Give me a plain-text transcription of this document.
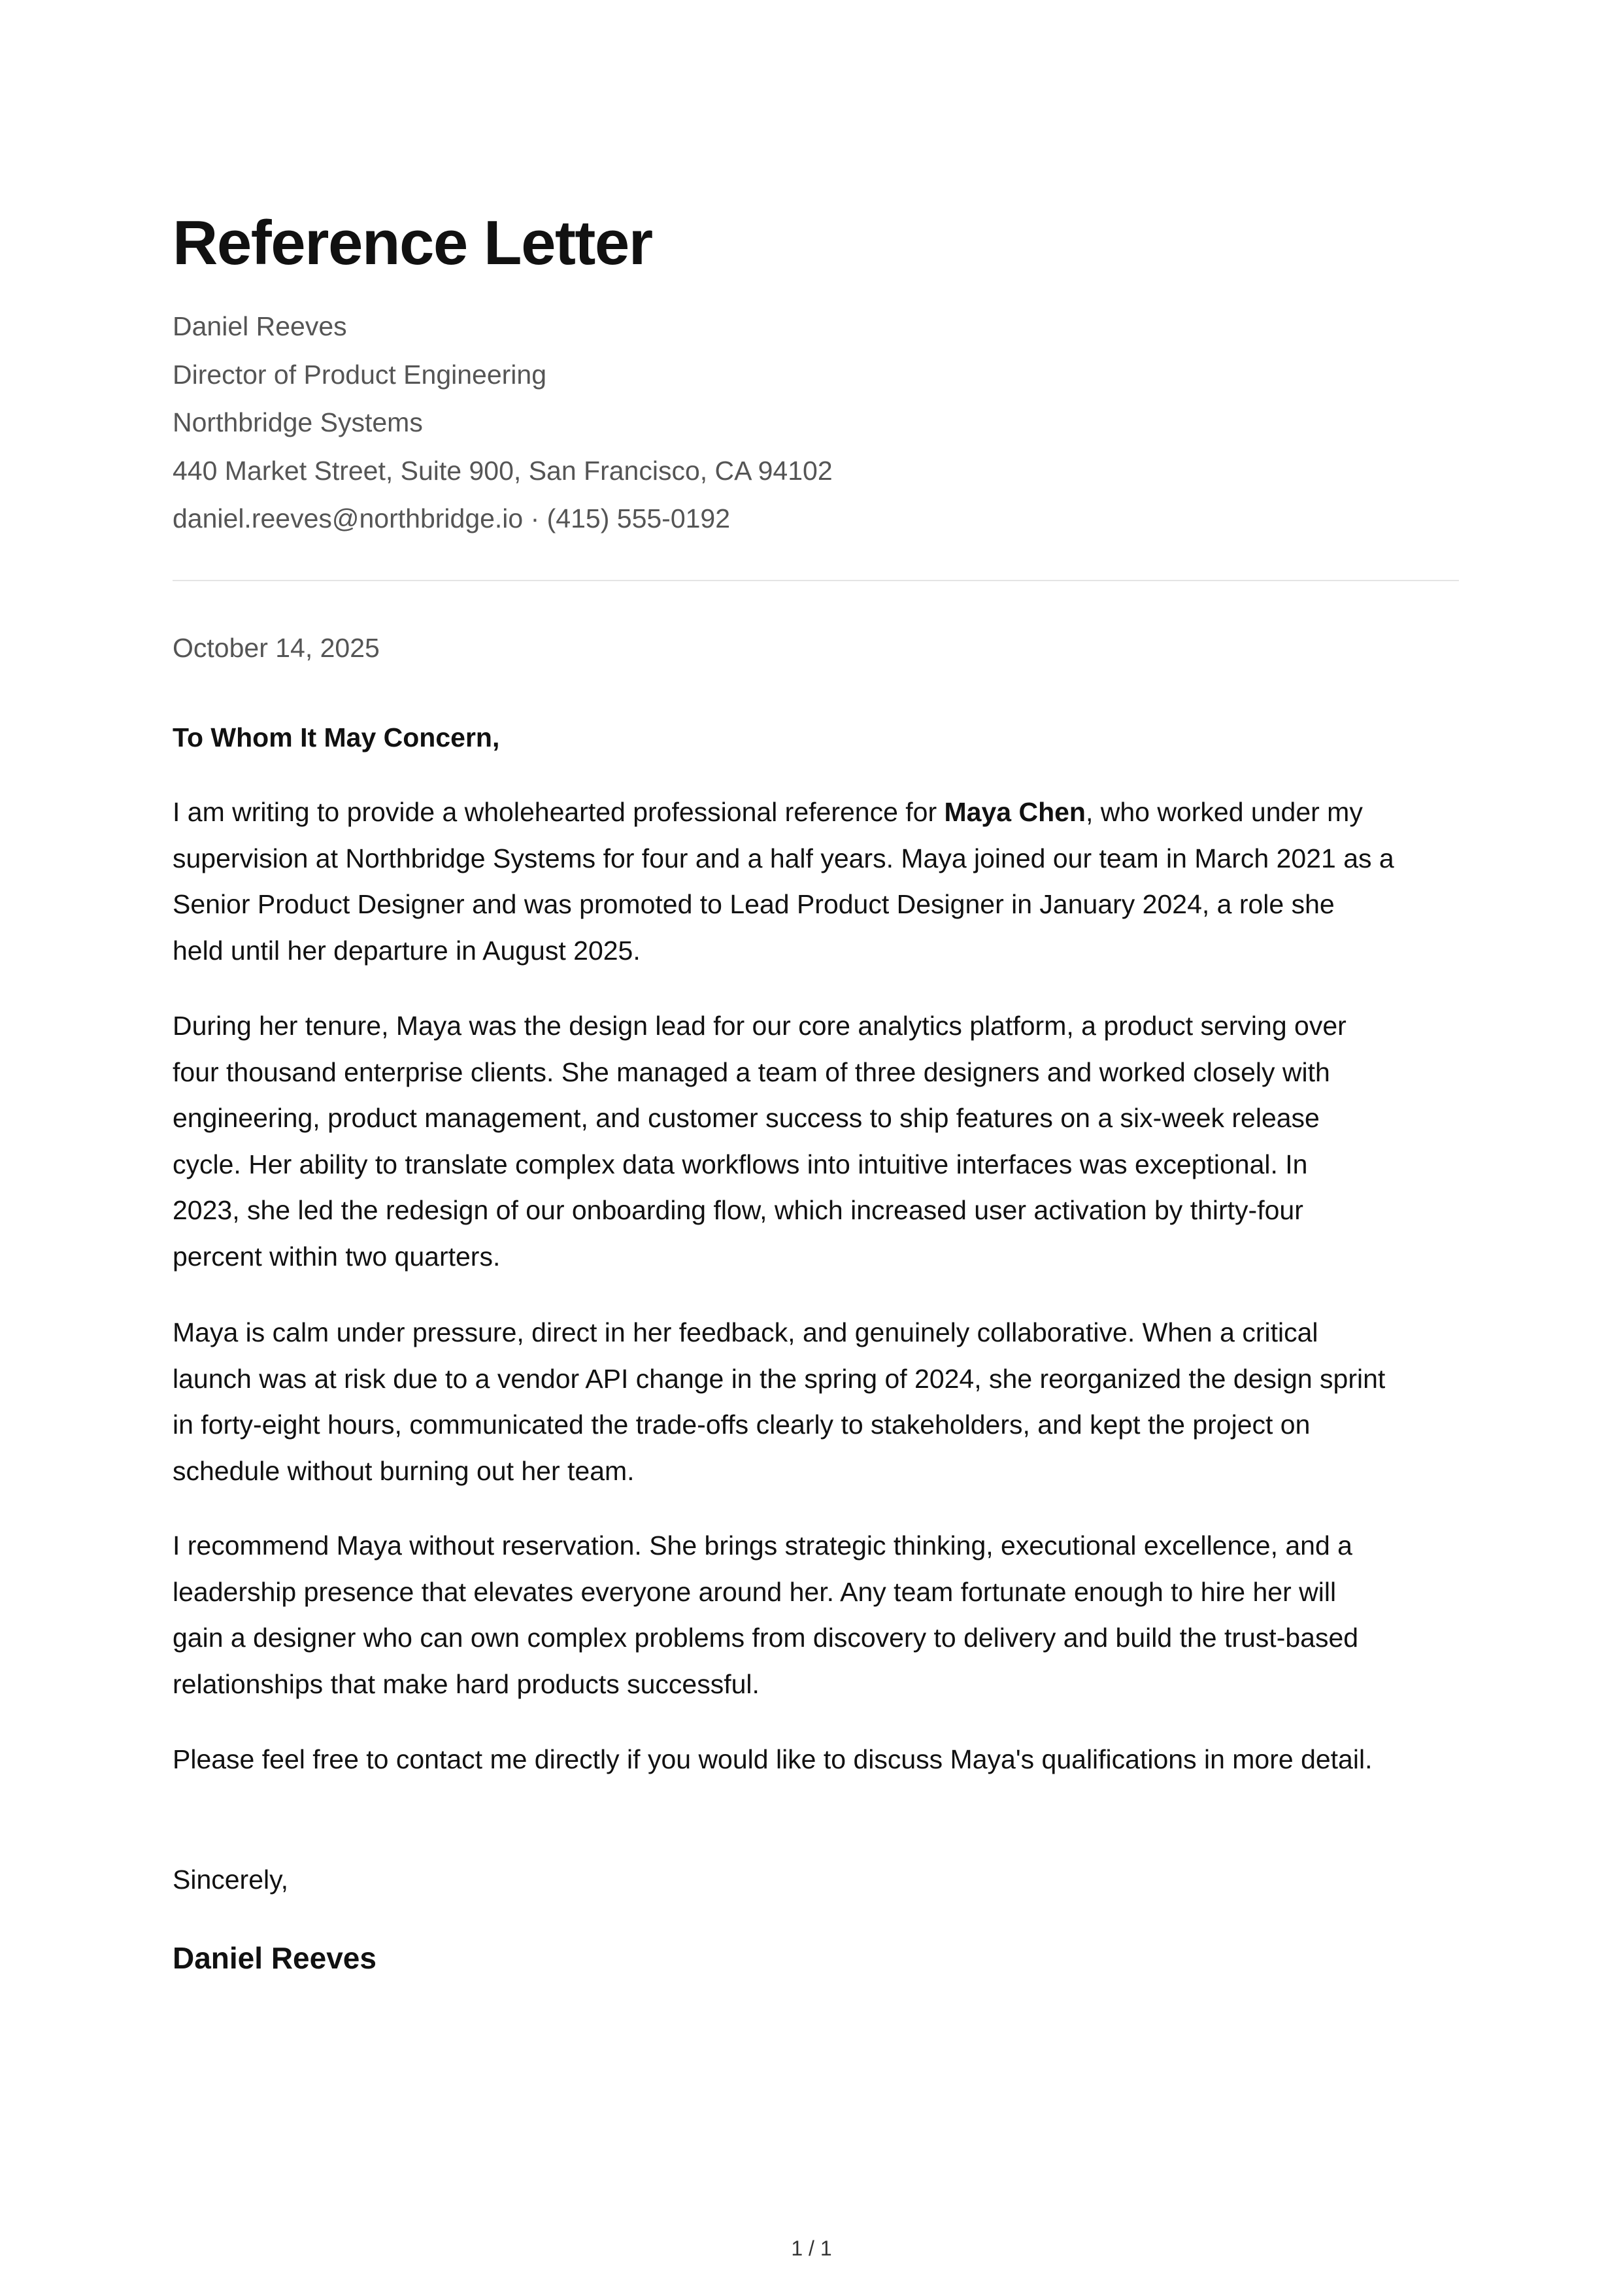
Reference Letter
Daniel Reeves
Director of Product Engineering
Northbridge Systems
440 Market Street, Suite 900, San Francisco, CA 94102
daniel.reeves@northbridge.io · (415) 555-0192
October 14, 2025
To Whom It May Concern,

I am writing to provide a wholehearted professional reference for Maya Chen, who worked under my
supervision at Northbridge Systems for four and a half years. Maya joined our team in March 2021 as a
Senior Product Designer and was promoted to Lead Product Designer in January 2024, a role she
held until her departure in August 2025.

During her tenure, Maya was the design lead for our core analytics platform, a product serving over
four thousand enterprise clients. She managed a team of three designers and worked closely with
engineering, product management, and customer success to ship features on a six-week release
cycle. Her ability to translate complex data workflows into intuitive interfaces was exceptional. In
2023, she led the redesign of our onboarding flow, which increased user activation by thirty-four
percent within two quarters.

Maya is calm under pressure, direct in her feedback, and genuinely collaborative. When a critical
launch was at risk due to a vendor API change in the spring of 2024, she reorganized the design sprint
in forty-eight hours, communicated the trade-offs clearly to stakeholders, and kept the project on
schedule without burning out her team.

I recommend Maya without reservation. She brings strategic thinking, executional excellence, and a
leadership presence that elevates everyone around her. Any team fortunate enough to hire her will
gain a designer who can own complex problems from discovery to delivery and build the trust-based
relationships that make hard products successful.

Please feel free to contact me directly if you would like to discuss Maya's qualifications in more detail.

Sincerely,
Daniel Reeves
1 / 1
